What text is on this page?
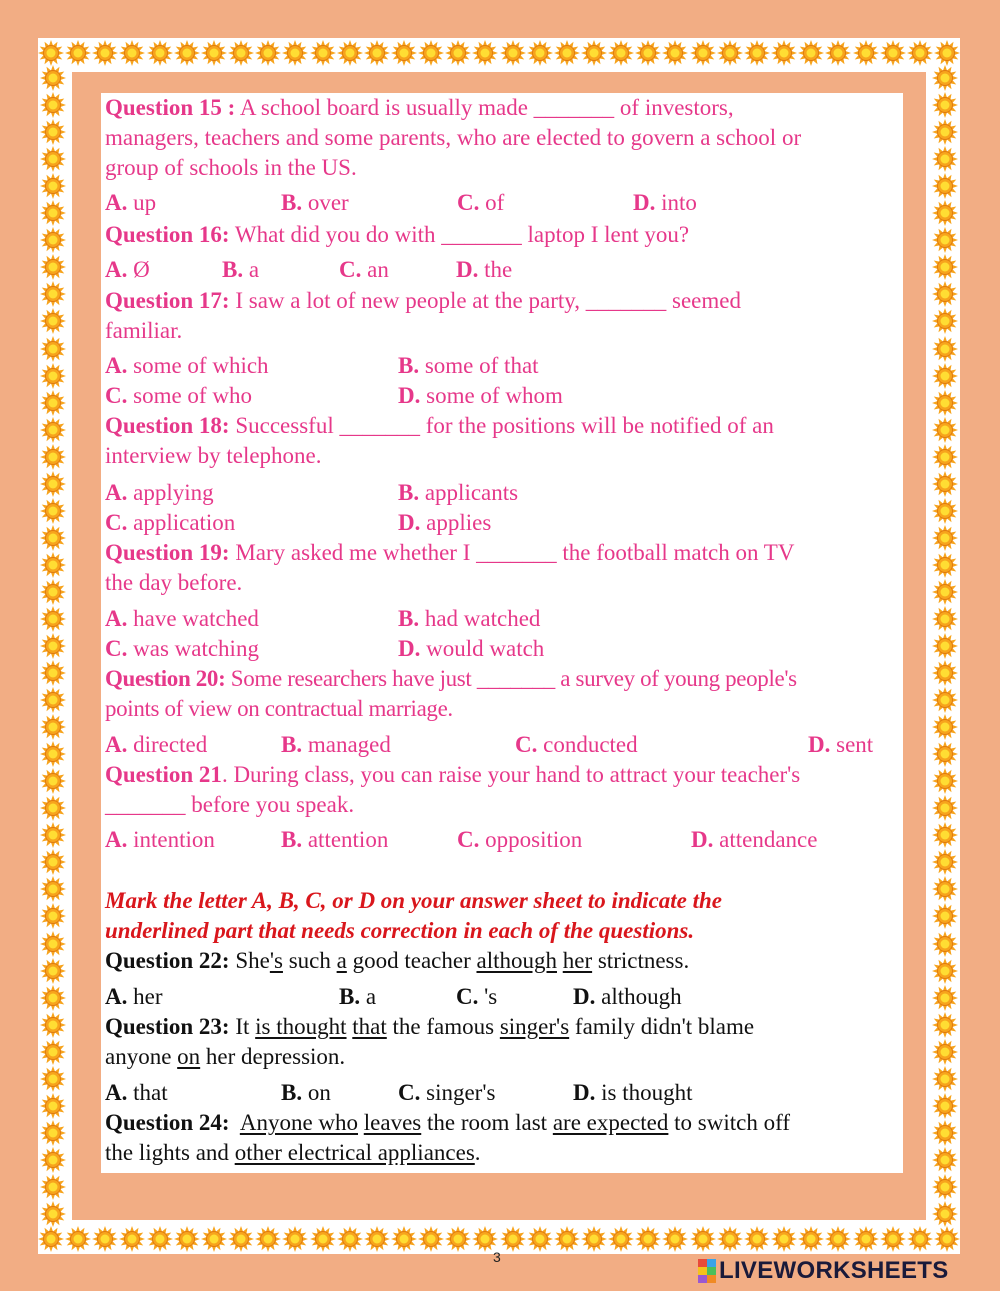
Question 15 : A school board is usually made _______ of investors,
managers, teachers and some parents, who are elected to govern a school or
group of schools in the US.
A. up	B. over	C. of	D. into
Question 16: What did you do with _______ laptop I lent you?
A. Ø	B. a	C. an	D. the
Question 17: I saw a lot of new people at the party, _______ seemed
familiar.
A. some of which	B. some of that
C. some of who	D. some of whom
Question 18: Successful _______ for the positions will be notified of an
interview by telephone.
A. applying	B. applicants
C. application	D. applies
Question 19: Mary asked me whether I _______ the football match on TV
the day before.
A. have watched	B. had watched
C. was watching	D. would watch
Question 20: Some researchers have just _______ a survey of young people's
points of view on contractual marriage.
A. directed	B. managed	C. conducted	D. sent
Question 21. During class, you can raise your hand to attract your teacher's
_______ before you speak.
A. intention	B. attention	C. opposition	D. attendance
Mark the letter A, B, C, or D on your answer sheet to indicate the
underlined part that needs correction in each of the questions.
Question 22: She's such a good teacher although her strictness.
A. her	B. a	C. 's	D. although
Question 23: It is thought that the famous singer's family didn't blame
anyone on her depression.
A. that	B. on	C. singer's	D. is thought
Question 24: Anyone who leaves the room last are expected to switch off
the lights and other electrical appliances.
3	LIVEWORKSHEETS
